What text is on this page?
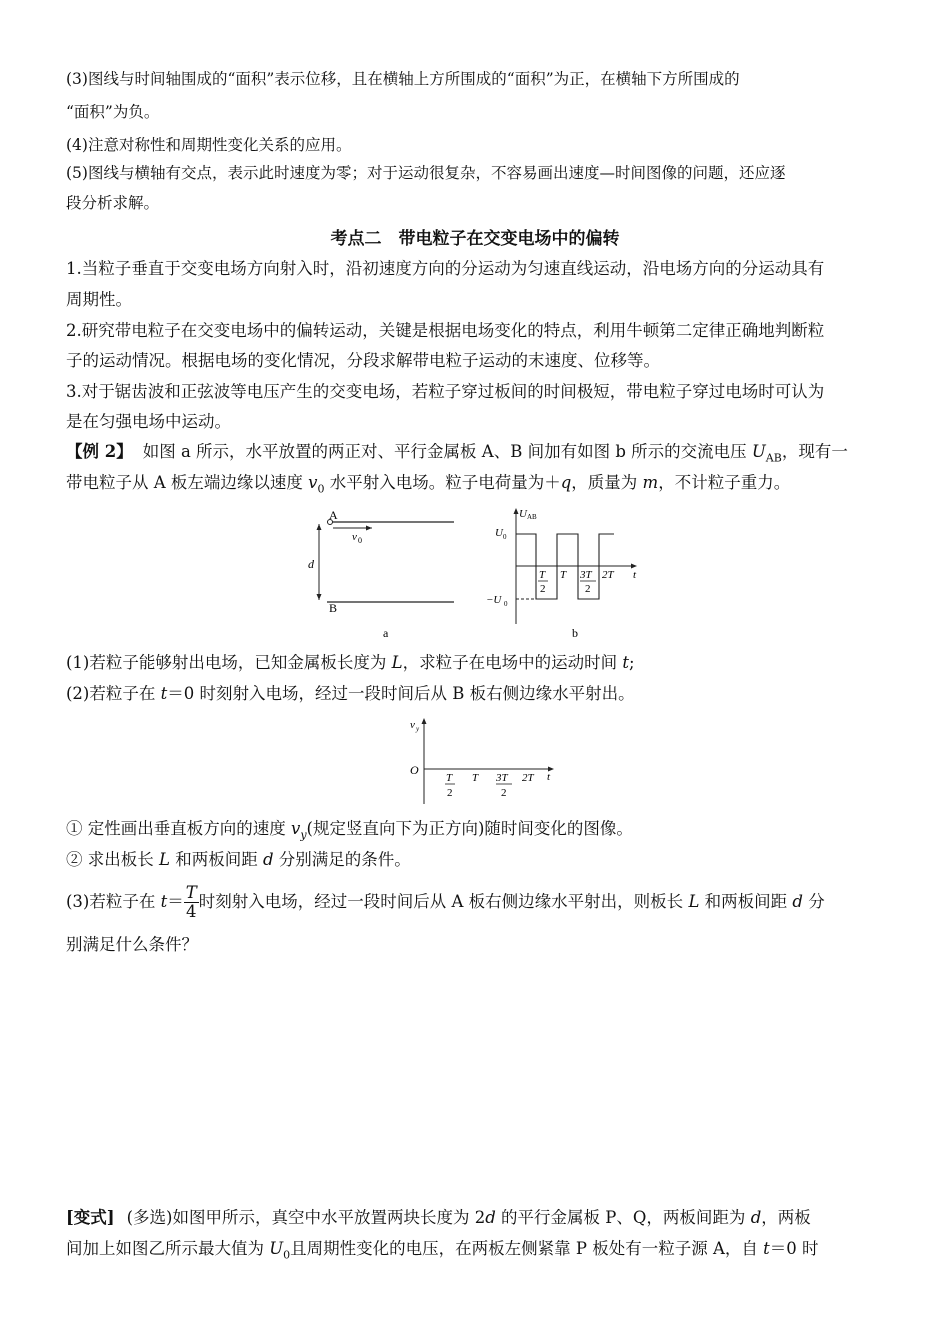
(3)图线与时间轴围成的“面积”表示位移，且在横轴上方所围成的“面积”为正，在横轴下方所围成的
“面积”为负。
(4)注意对称性和周期性变化关系的应用。
(5)图线与横轴有交点，表示此时速度为零；对于运动很复杂，不容易画出速度—时间图像的问题，还应逐
段分析求解。
考点二　带电粒子在交变电场中的偏转
1.当粒子垂直于交变电场方向射入时，沿初速度方向的分运动为匀速直线运动，沿电场方向的分运动具有
周期性。
2.研究带电粒子在交变电场中的偏转运动，关键是根据电场变化的特点，利用牛顿第二定律正确地判断粒
子的运动情况。根据电场的变化情况，分段求解带电粒子运动的末速度、位移等。
3.对于锯齿波和正弦波等电压产生的交变电场，若粒子穿过板间的时间极短，带电粒子穿过电场时可认为
是在匀强电场中运动。
【例 2】 如图 a 所示，水平放置的两正对、平行金属板 A、B 间加有如图 b 所示的交流电压 $U_{AB}$，现有一
带电粒子从 A 板左端边缘以速度 $v_0$ 水平射入电场。粒子电荷量为＋q，质量为 m，不计粒子重力。
A
B
v 0
d
a
U AB
U 0
−U 0
T
2
T 3T
2
2T t
b
(1)若粒子能够射出电场，已知金属板长度为 L，求粒子在电场中的运动时间 t;
(2)若粒子在 t＝0 时刻射入电场，经过一段时间后从 B 板右侧边缘水平射出。
v y
O
T
2
T 3T
2
2T t
① 定性画出垂直板方向的速度 $v_y$(规定竖直向下为正方向)随时间变化的图像。
② 求出板长 L 和两板间距 d 分别满足的条件。
(3)若粒子在 $t= \frac{T}{4}$ 时刻射入电场，经过一段时间后从 A 板右侧边缘水平射出，则板长 L 和两板间距 d 分
别满足什么条件？
[变式] (多选)如图甲所示，真空中水平放置两块长度为 2d 的平行金属板 P、Q，两板间距为 d，两板
间加上如图乙所示最大值为 $U_0$且周期性变化的电压，在两板左侧紧靠 P 板处有一粒子源 A，自 t＝0 时
